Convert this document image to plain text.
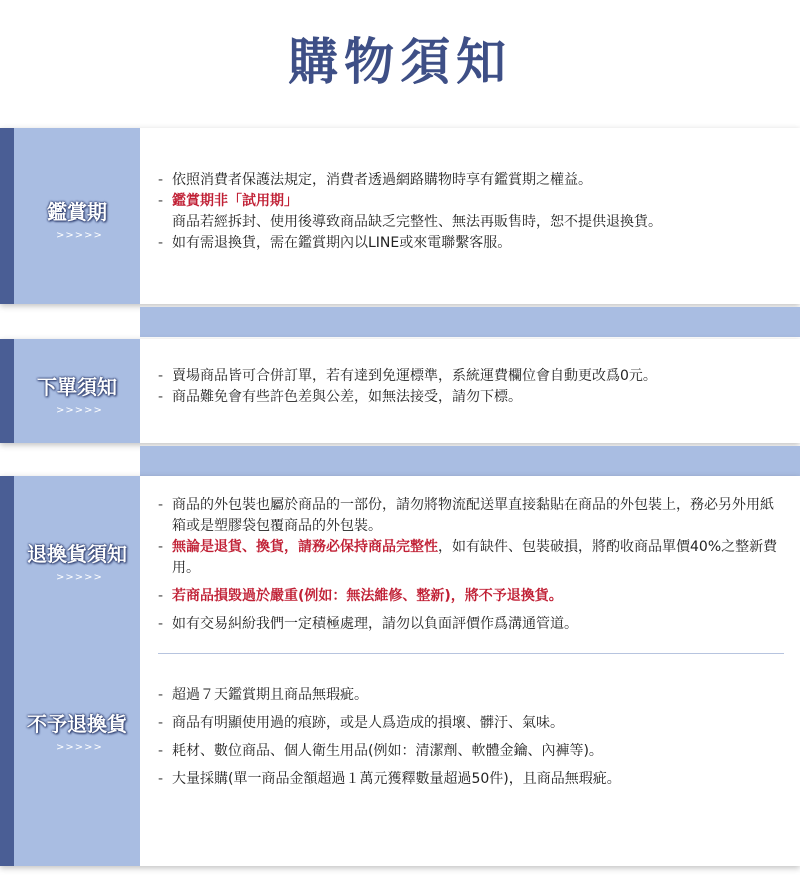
購物須知
鑑賞期
>>>>>

- 依照消費者保護法規定，消費者透過網路購物時享有鑑賞期之權益。

- 鑑賞期非「試用期」
商品若經拆封、使用後導致商品缺乏完整性、無法再販售時，恕不提供退換貨。

- 如有需退換貨，需在鑑賞期內以LINE或來電聯繫客服。

下單須知
>>>>>

- 賣場商品皆可合併訂單，若有達到免運標準，系統運費欄位會自動更改爲0元。

- 商品難免會有些許色差與公差，如無法接受，請勿下標。

退換貨須知
>>>>>
不予退換貨
>>>>>

- 商品的外包裝也屬於商品的一部份，請勿將物流配送單直接黏貼在商品的外包裝上，務必另外用紙箱或是塑膠袋包覆商品的外包裝。

- 無論是退貨、換貨，請務必保持商品完整性，如有缺件、包裝破損，將酌收商品單價40%之整新費用。

- 若商品損毀過於嚴重(例如：無法維修、整新)，將不予退換貨。

- 如有交易糾紛我們一定積極處理，請勿以負面評價作爲溝通管道。

- 超過７天鑑賞期且商品無瑕疵。

- 商品有明顯使用過的痕跡，或是人爲造成的損壞、髒汙、氣味。

- 耗材、數位商品、個人衛生用品(例如：清潔劑、軟體金鑰、內褲等)。

- 大量採購(單一商品金額超過１萬元獲釋數量超過50件)，且商品無瑕疵。
